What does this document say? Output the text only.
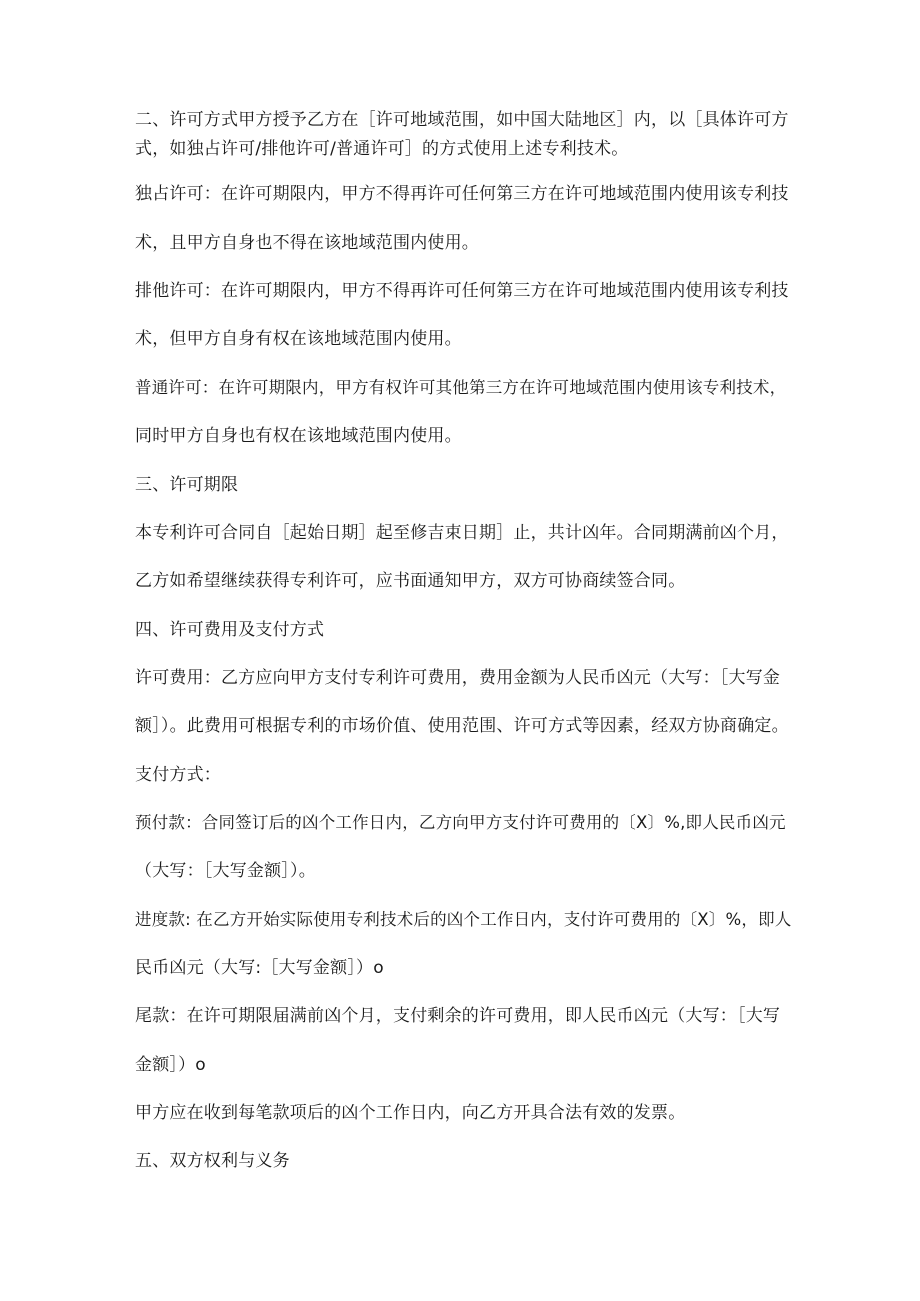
二、许可方式甲方授予乙方在［许可地域范围，如中国大陆地区］内，以［具体许可方
式，如独占许可/排他许可/普通许可］的方式使用上述专利技术。
独占许可：在许可期限内，甲方不得再许可任何第三方在许可地域范围内使用该专利技
术，且甲方自身也不得在该地域范围内使用。
排他许可：在许可期限内，甲方不得再许可任何第三方在许可地域范围内使用该专利技
术，但甲方自身有权在该地域范围内使用。
普通许可：在许可期限内，甲方有权许可其他第三方在许可地域范围内使用该专利技术，
同时甲方自身也有权在该地域范围内使用。
三、许可期限
本专利许可合同自［起始日期］起至修吉束日期］止，共计凶年。合同期满前凶个月，
乙方如希望继续获得专利许可，应书面通知甲方，双方可协商续签合同。
四、许可费用及支付方式
许可费用：乙方应向甲方支付专利许可费用，费用金额为人民币凶元（大写：［大写金
额］）。此费用可根据专利的市场价值、使用范围、许可方式等因素，经双方协商确定。
支付方式：
预付款：合同签订后的凶个工作日内，乙方向甲方支付许可费用的〔X〕%,即人民币凶元
（大写：［大写金额］）。
进度款: 在乙方开始实际使用专利技术后的凶个工作日内，支付许可费用的〔X〕%，即人
民币凶元（大写:［大写金额］）o
尾款：在许可期限届满前凶个月，支付剩余的许可费用，即人民币凶元（大写：［大写
金额］）o
甲方应在收到每笔款项后的凶个工作日内，向乙方开具合法有效的发票。
五、双方权利与义务
